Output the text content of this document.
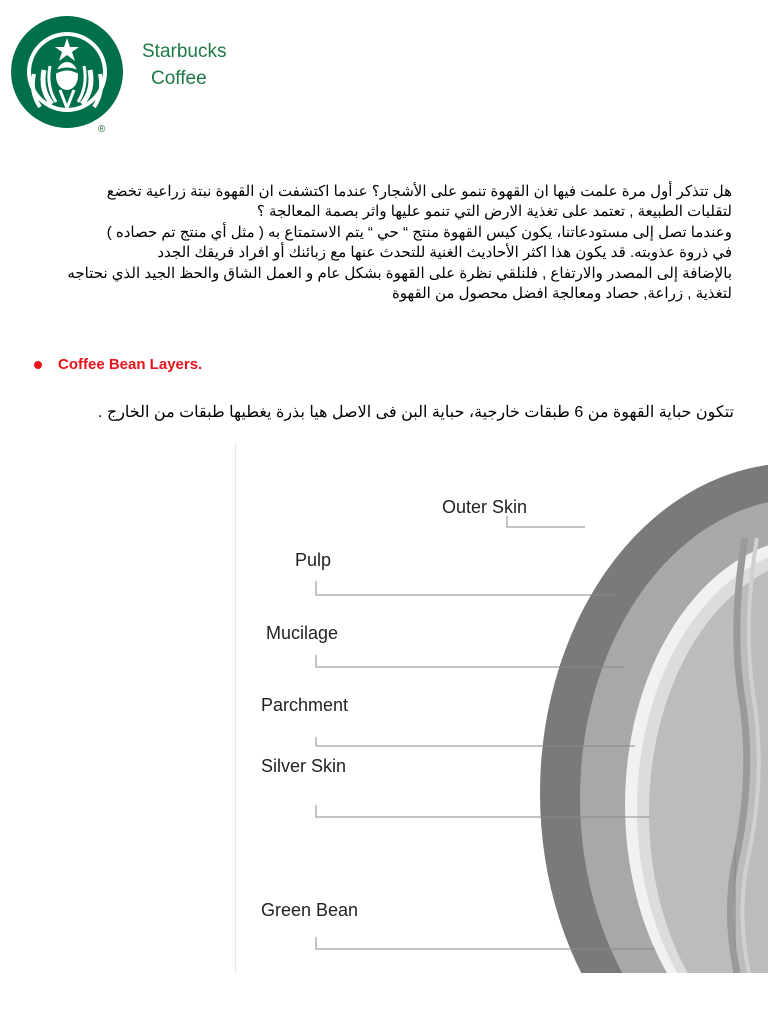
®
Starbucks
Coffee

هل تتذكر أول مرة علمت فيها ان القهوة تنمو على الأشجار؟ عندما اكتشفت ان القهوة نبتة زراعية تخضع
لتقلبات الطبيعة , تعتمد على تغذية الارض التي تنمو عليها واثر بصمة المعالجة ؟
وعندما تصل إلى مستودعاتنا، يكون كيس القهوة منتج “ حي “ يتم الاستمتاع به ( مثل أي منتج تم حصاده )
في ذروة عذوبته. قد يكون هذا اكثر الأحاديث الغنية للتحدث عنها مع زبائنك أو افراد فريقك الجدد
بالإضافة إلى المصدر والارتفاع , فلنلقي نظرة على القهوة بشكل عام و العمل الشاق والحظ الجيد الذي نحتاجه
لتغذية , زراعة, حصاد ومعالجة افضل محصول من القهوة

Coffee Bean Layers.

تتكون حباية القهوة من 6 طبقات خارجية، حباية البن فى الاصل هيا بذرة يغطيها طبقات من الخارج .

Outer Skin
Pulp
Mucilage
Parchment
Silver Skin
Green Bean
